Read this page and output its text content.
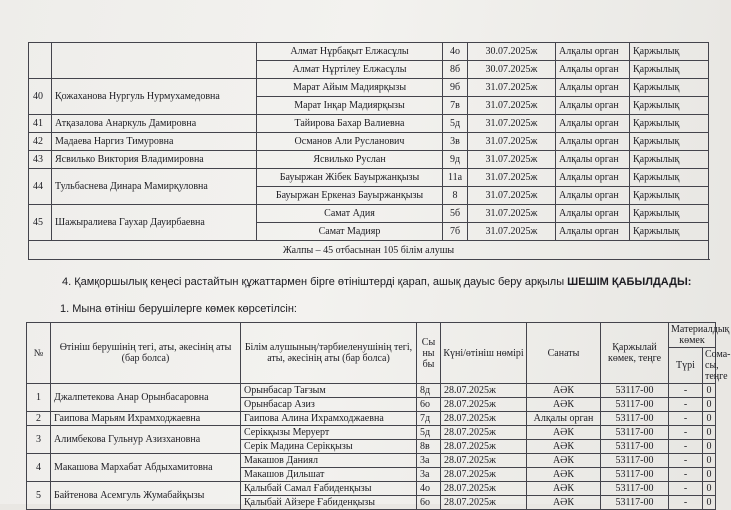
		Алмат Нұрбақыт Елжасұлы	4о	30.07.2025ж	Алқалы орган	Қаржылық	
		Алмат Нұртілеу Елжасұлы	8б	30.07.2025ж	Алқалы орган	Қаржылық	
40	Қожаханова Нургуль Нурмухамедовна	Марат Айым Мадиярқызы	9б	31.07.2025ж	Алқалы орган	Қаржылық	
		Марат Інқар Мадиярқызы	7в	31.07.2025ж	Алқалы орган	Қаржылық	
41	Атқазалова Анаркуль Дамировна	Тайирова Бахар Валиевна	5д	31.07.2025ж	Алқалы орган	Қаржылық	
42	Мадаева Наргиз Тимуровна	Османов Али Русланович	3в	31.07.2025ж	Алқалы орган	Қаржылық	
43	Ясвилько Виктория Владимировна	Ясвилько Руслан	9д	31.07.2025ж	Алқалы орган	Қаржылық	
44	Тульбаснева Динара Мамирқуловна	Бауыржан Жібек Бауыржанқызы	11а	31.07.2025ж	Алқалы орган	Қаржылық	
		Бауыржан Еркеназ Бауыржанқызы	8	31.07.2025ж	Алқалы орган	Қаржылық	
45	Шажыралиева Гаухар Дауирбаевна	Самат Адия	5б	31.07.2025ж	Алқалы орган	Қаржылық	
		Самат Мадияр	7б	31.07.2025ж	Алқалы орган	Қаржылық	
Жалпы – 45 отбасынан 105 білім алушы							
4. Қамқоршылық кеңесі растайтын құжаттармен бірге өтініштерді қарап, ашық дауыс беру арқылы ШЕШІМ ҚАБЫЛДАДЫ:
1. Мына өтініш берушілерге көмек көрсетілсін:
№	Өтініш берушінің тегі, аты, әкесінің аты (бар болса)	Білім алушының/тәрбиеленушінің тегі, аты, әкесінің аты (бар болса)	Сы ны бы	Күні/өтініш нөмірі	Санаты	Қаржылай көмек, теңге	Материалдық көмек	
							Түрі	Сома-сы, теңге
1	Джалпетекова Анар Орынбасаровна	Орынбасар Тағзым	8д	28.07.2025ж	АӘК	53117-00	-	0
		Орынбасар Азиз	6о	28.07.2025ж	АӘК	53117-00	-	0
2	Гаипова Марьям Ихрамходжаевна	Гаипова Алина Ихрамходжаевна	7д	28.07.2025ж	Алқалы орган	53117-00	-	0
3	Алимбекова Гульнур Азизхановна	Серікқызы Меруерт	5д	28.07.2025ж	АӘК	53117-00	-	0
		Серік Мадина Серікқызы	8в	28.07.2025ж	АӘК	53117-00	-	0
4	Макашова Мархабат Абдыхамитовна	Макашов Даниял	3а	28.07.2025ж	АӘК	53117-00	-	0
		Макашов Дильшат	3а	28.07.2025ж	АӘК	53117-00	-	0
5	Байтенова Асемгуль Жумабайқызы	Қалыбай Самал Ғабиденқызы	4о	28.07.2025ж	АӘК	53117-00	-	0
		Қалыбай Айзере Ғабиденқызы	6о	28.07.2025ж	АӘК	53117-00	-	0
